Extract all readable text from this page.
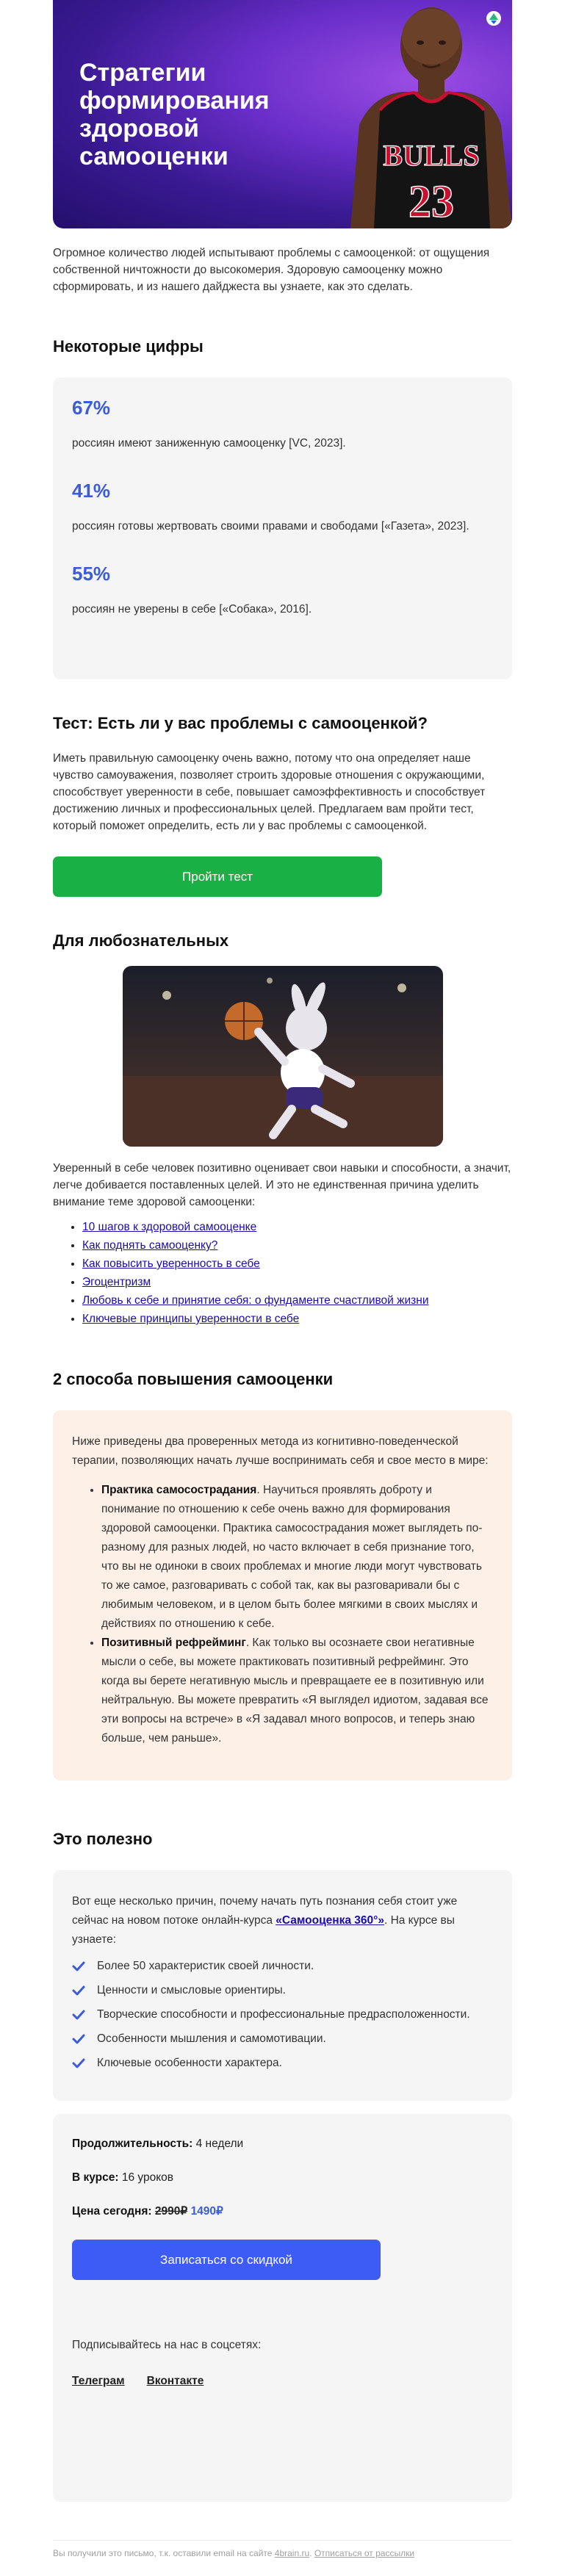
Стратегии формирования здоровой самооценки	BULLS
23

Огромное количество людей испытывают проблемы с самооценкой: от ощущения собственной ничтожности до высокомерия. Здоровую самооценку можно сформировать, и из нашего дайджеста вы узнаете, как это сделать.

Некоторые цифры
67%
россиян имеют заниженную самооценку [VC, 2023].
41%
россиян готовы жертвовать своими правами и свободами [«Газета», 2023].
55%
россиян не уверены в себе [«Собака», 2016].
Тест: Есть ли у вас проблемы с самооценкой?

Иметь правильную самооценку очень важно, потому что она определяет наше чувство самоуважения, позволяет строить здоровые отношения с окружающими, способствует уверенности в себе, повышает самоэффективность и способствует достижению личных и профессиональных целей. Предлагаем вам пройти тест, который поможет определить, есть ли у вас проблемы с самооценкой.

Пройти тест
Для любознательных

Уверенный в себе человек позитивно оценивает свои навыки и способности, а значит, легче добивается поставленных целей. И это не единственная причина уделить внимание теме здоровой самооценки:

• 10 шагов к здоровой самооценке
• Как поднять самооценку?
• Как повысить уверенность в себе
• Эгоцентризм
• Любовь к себе и принятие себя: о фундаменте счастливой жизни
• Ключевые принципы уверенности в себе
2 способа повышения самооценки

Ниже приведены два проверенных метода из когнитивно-поведенческой терапии, позволяющих начать лучше воспринимать себя и свое место в мире:

• Практика самосострадания. Научиться проявлять доброту и понимание по отношению к себе очень важно для формирования здоровой самооценки. Практика самосострадания может выглядеть по-разному для разных людей, но часто включает в себя признание того, что вы не одиноки в своих проблемах и многие люди могут чувствовать то же самое, разговаривать с собой так, как вы разговаривали бы с любимым человеком, и в целом быть более мягкими в своих мыслях и действиях по отношению к себе.
• Позитивный рефрейминг. Как только вы осознаете свои негативные мысли о себе, вы можете практиковать позитивный рефрейминг. Это когда вы берете негативную мысль и превращаете ее в позитивную или нейтральную. Вы можете превратить «Я выглядел идиотом, задавая все эти вопросы на встрече» в «Я задавал много вопросов, и теперь знаю больше, чем раньше».
Это полезно

Вот еще несколько причин, почему начать путь познания себя стоит уже сейчас на новом потоке онлайн-курса «Самооценка 360°». На курсе вы узнаете:

Более 50 характеристик своей личности.
Ценности и смысловые ориентиры.
Творческие способности и профессиональные предрасположенности.
Особенности мышления и самомотивации.
Ключевые особенности характера.
Продолжительность: 4 недели
В курсе: 16 уроков
Цена сегодня: 2990₽ 1490₽
Записаться со скидкой

Подписывайтесь на нас в соцсетях:

Телеграм Вконтакте
Вы получили это письмо, т.к. оставили email на сайте 4brain.ru. Отписаться от рассылки
